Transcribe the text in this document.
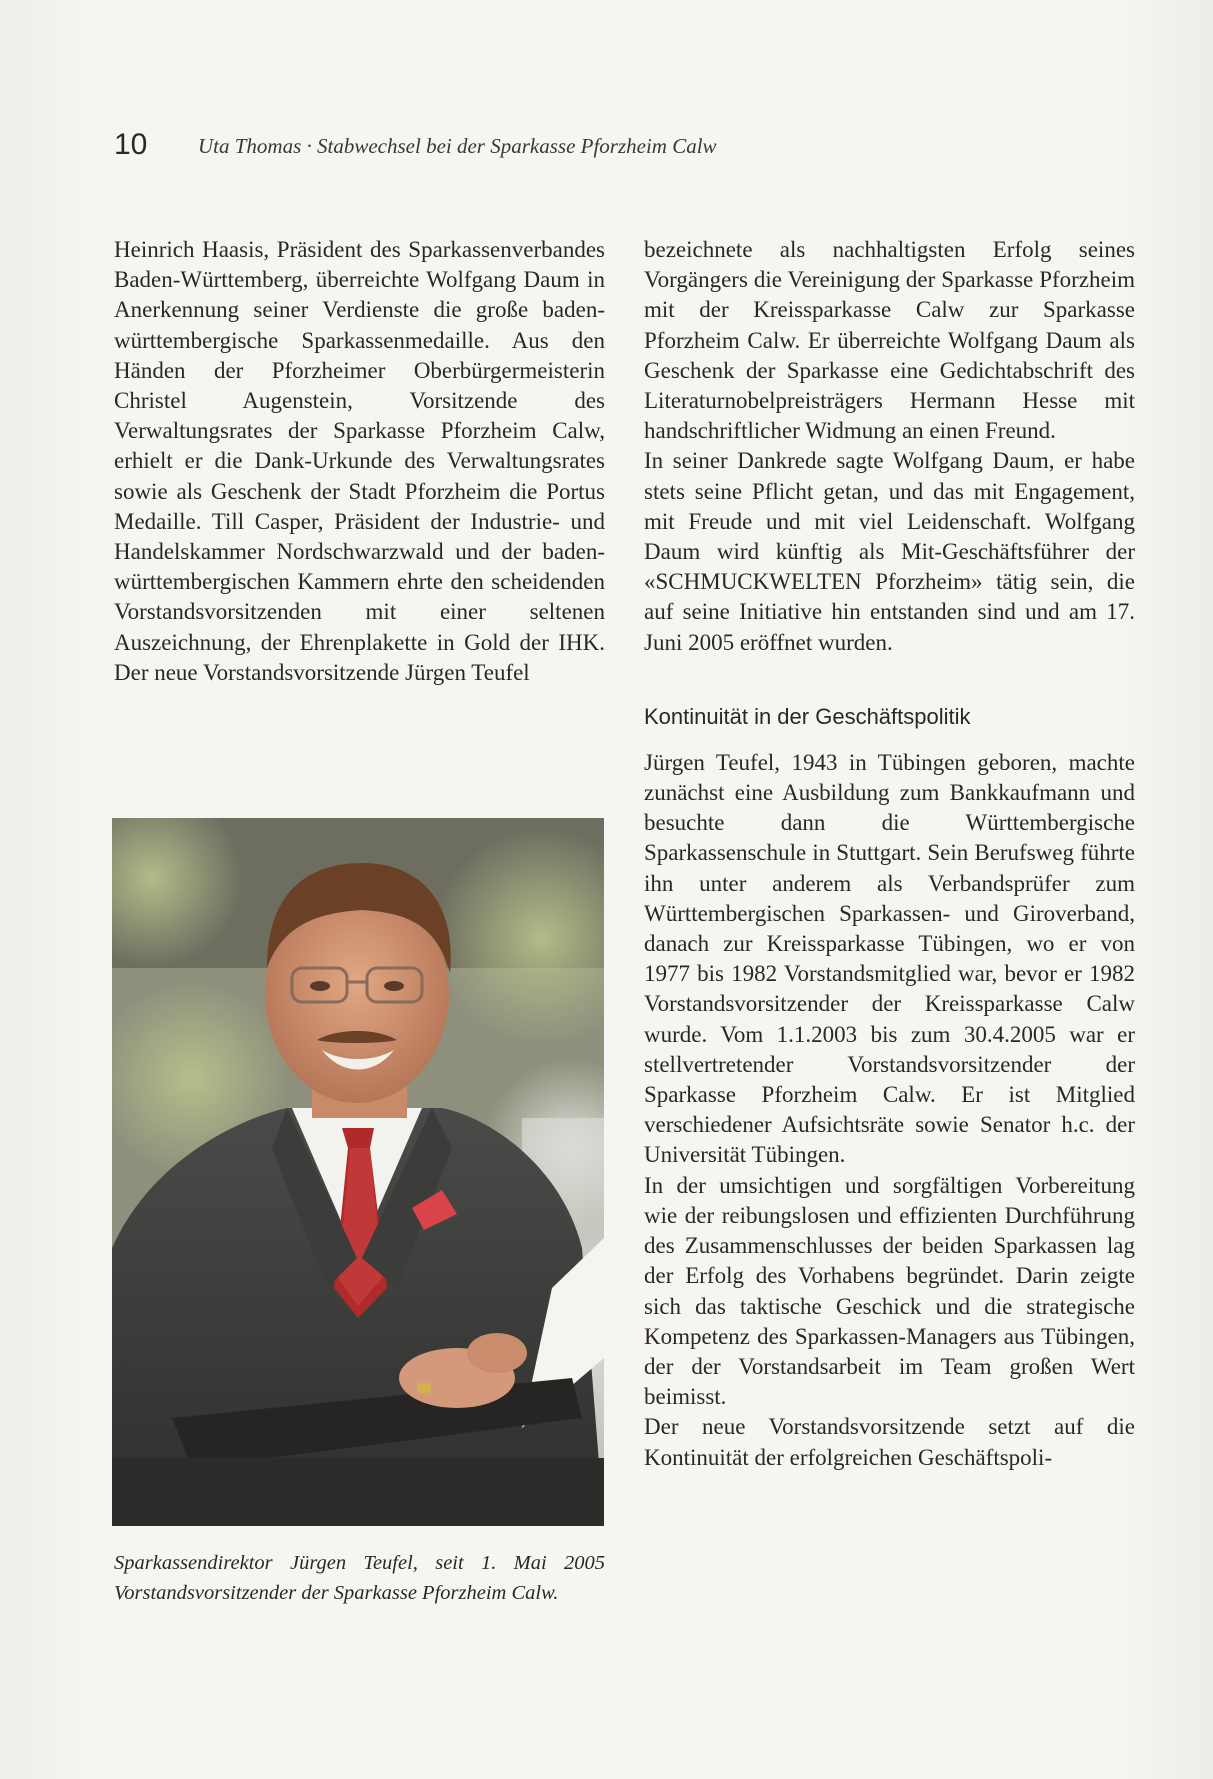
10 Uta Thomas · Stabwechsel bei der Sparkasse Pforzheim Calw

Heinrich Haasis, Präsident des Sparkassenverbandes Baden-Württemberg, überreichte Wolfgang Daum in Anerkennung seiner Verdienste die große baden-württembergische Sparkassenmedaille. Aus den Händen der Pforzheimer Oberbürgermeisterin Christel Augenstein, Vorsitzende des Verwaltungsrates der Sparkasse Pforzheim Calw, erhielt er die Dank-Urkunde des Verwaltungsrates sowie als Geschenk der Stadt Pforzheim die Portus Medaille. Till Casper, Präsident der Industrie- und Handelskammer Nordschwarzwald und der baden-württembergischen Kammern ehrte den scheidenden Vorstandsvorsitzenden mit einer seltenen Auszeichnung, der Ehrenplakette in Gold der IHK. Der neue Vorstandsvorsitzende Jürgen Teufel

Sparkassendirektor Jürgen Teufel, seit 1. Mai 2005 Vorstandsvorsitzender der Sparkasse Pforzheim Calw.

bezeichnete als nachhaltigsten Erfolg seines Vorgängers die Vereinigung der Sparkasse Pforzheim mit der Kreissparkasse Calw zur Sparkasse Pforzheim Calw. Er überreichte Wolfgang Daum als Geschenk der Sparkasse eine Gedichtabschrift des Literaturnobelpreisträgers Hermann Hesse mit handschriftlicher Widmung an einen Freund.

In seiner Dankrede sagte Wolfgang Daum, er habe stets seine Pflicht getan, und das mit Engagement, mit Freude und mit viel Leidenschaft. Wolfgang Daum wird künftig als Mit-Geschäftsführer der «SCHMUCKWELTEN Pforzheim» tätig sein, die auf seine Initiative hin entstanden sind und am 17. Juni 2005 eröffnet wurden.

Kontinuität in der Geschäftspolitik

Jürgen Teufel, 1943 in Tübingen geboren, machte zunächst eine Ausbildung zum Bankkaufmann und besuchte dann die Württembergische Sparkassenschule in Stuttgart. Sein Berufsweg führte ihn unter anderem als Verbandsprüfer zum Württembergischen Sparkassen- und Giroverband, danach zur Kreissparkasse Tübingen, wo er von 1977 bis 1982 Vorstandsmitglied war, bevor er 1982 Vorstandsvorsitzender der Kreissparkasse Calw wurde. Vom 1.1.2003 bis zum 30.4.2005 war er stellvertretender Vorstandsvorsitzender der Sparkasse Pforzheim Calw. Er ist Mitglied verschiedener Aufsichtsräte sowie Senator h.c. der Universität Tübingen.

In der umsichtigen und sorgfältigen Vorbereitung wie der reibungslosen und effizienten Durchführung des Zusammenschlusses der beiden Sparkassen lag der Erfolg des Vorhabens begründet. Darin zeigte sich das taktische Geschick und die strategische Kompetenz des Sparkassen-Managers aus Tübingen, der der Vorstandsarbeit im Team großen Wert beimisst.

Der neue Vorstandsvorsitzende setzt auf die Kontinuität der erfolgreichen Geschäftspoli-
